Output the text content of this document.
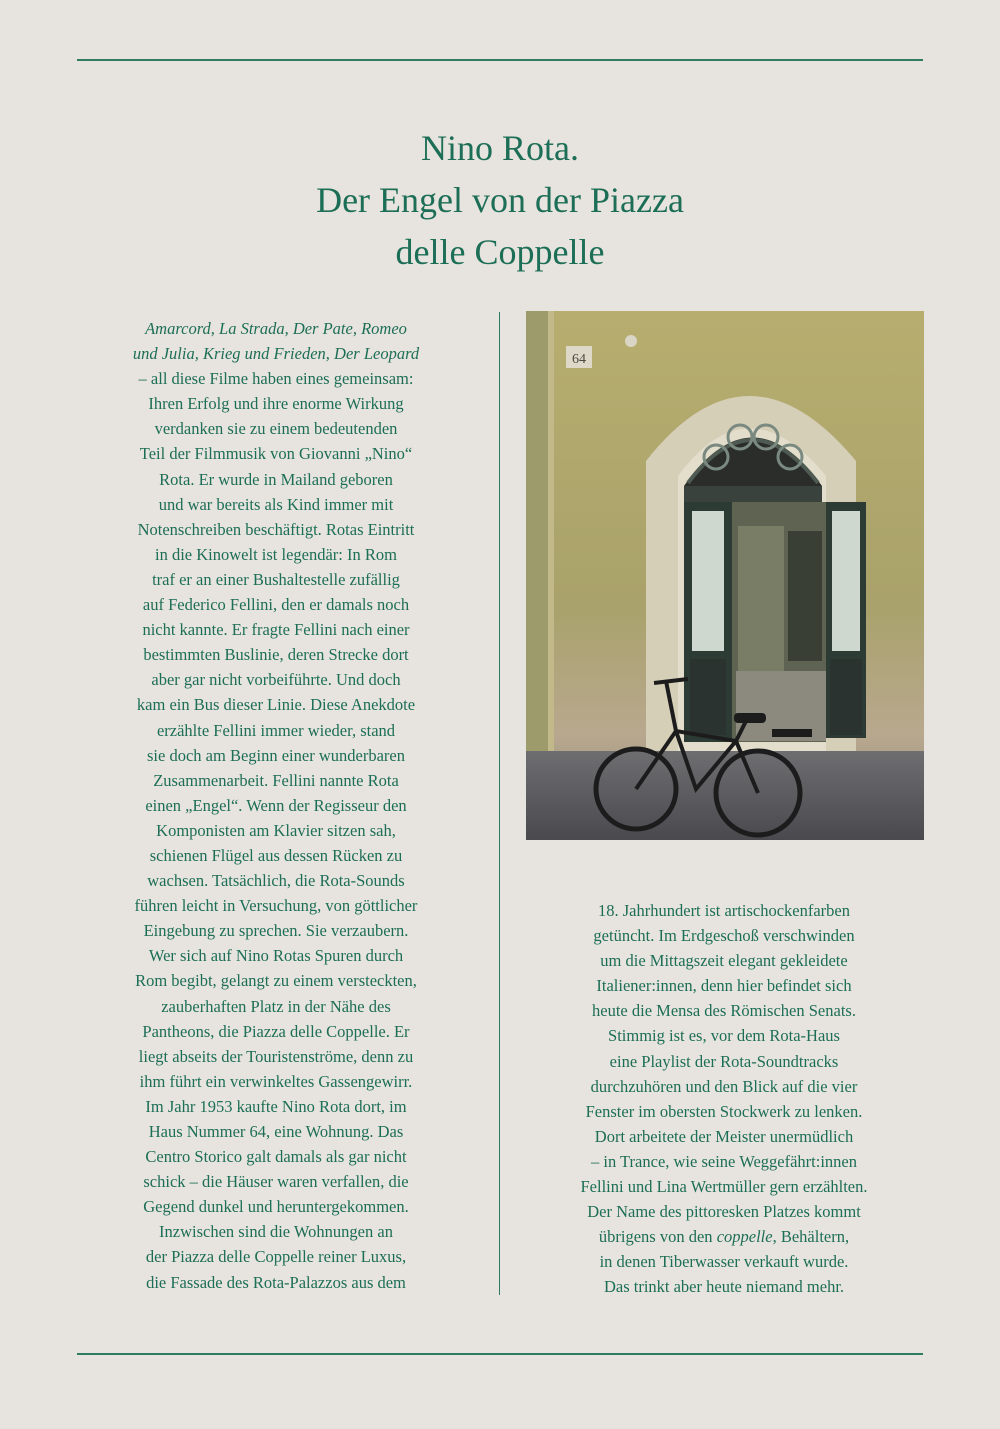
Nino Rota.
Der Engel von der Piazza
delle Coppelle
Amarcord, La Strada, Der Pate, Romeo
und Julia, Krieg und Frieden, Der Leopard
– all diese Filme haben eines gemeinsam:
Ihren Erfolg und ihre enorme Wirkung
verdanken sie zu einem bedeutenden
Teil der Filmmusik von Giovanni „Nino“
Rota. Er wurde in Mailand geboren
und war bereits als Kind immer mit
Notenschreiben beschäftigt. Rotas Eintritt
in die Kinowelt ist legendär: In Rom
traf er an einer Bushaltestelle zufällig
auf Federico Fellini, den er damals noch
nicht kannte. Er fragte Fellini nach einer
bestimmten Buslinie, deren Strecke dort
aber gar nicht vorbeiführte. Und doch
kam ein Bus dieser Linie. Diese Anekdote
erzählte Fellini immer wieder, stand
sie doch am Beginn einer wunderbaren
Zusammenarbeit. Fellini nannte Rota
einen „Engel“. Wenn der Regisseur den
Komponisten am Klavier sitzen sah,
schienen Flügel aus dessen Rücken zu
wachsen. Tatsächlich, die Rota-Sounds
führen leicht in Versuchung, von göttlicher
Eingebung zu sprechen. Sie verzaubern.
Wer sich auf Nino Rotas Spuren durch
Rom begibt, gelangt zu einem versteckten,
zauberhaften Platz in der Nähe des
Pantheons, die Piazza delle Coppelle. Er
liegt abseits der Touristenströme, denn zu
ihm führt ein verwinkeltes Gassengewirr.
Im Jahr 1953 kaufte Nino Rota dort, im
Haus Nummer 64, eine Wohnung. Das
Centro Storico galt damals als gar nicht
schick – die Häuser waren verfallen, die
Gegend dunkel und heruntergekommen.
Inzwischen sind die Wohnungen an
der Piazza delle Coppelle reiner Luxus,
die Fassade des Rota-Palazzos aus dem
64
18. Jahrhundert ist artischockenfarben
getüncht. Im Erdgeschoß verschwinden
um die Mittagszeit elegant gekleidete
Italiener:innen, denn hier befindet sich
heute die Mensa des Römischen Senats.
Stimmig ist es, vor dem Rota-Haus
eine Playlist der Rota-Soundtracks
durchzuhören und den Blick auf die vier
Fenster im obersten Stockwerk zu lenken.
Dort arbeitete der Meister unermüdlich
– in Trance, wie seine Weggefährt:innen
Fellini und Lina Wertmüller gern erzählten.
Der Name des pittoresken Platzes kommt
übrigens von den coppelle, Behältern,
in denen Tiberwasser verkauft wurde.
Das trinkt aber heute niemand mehr.
